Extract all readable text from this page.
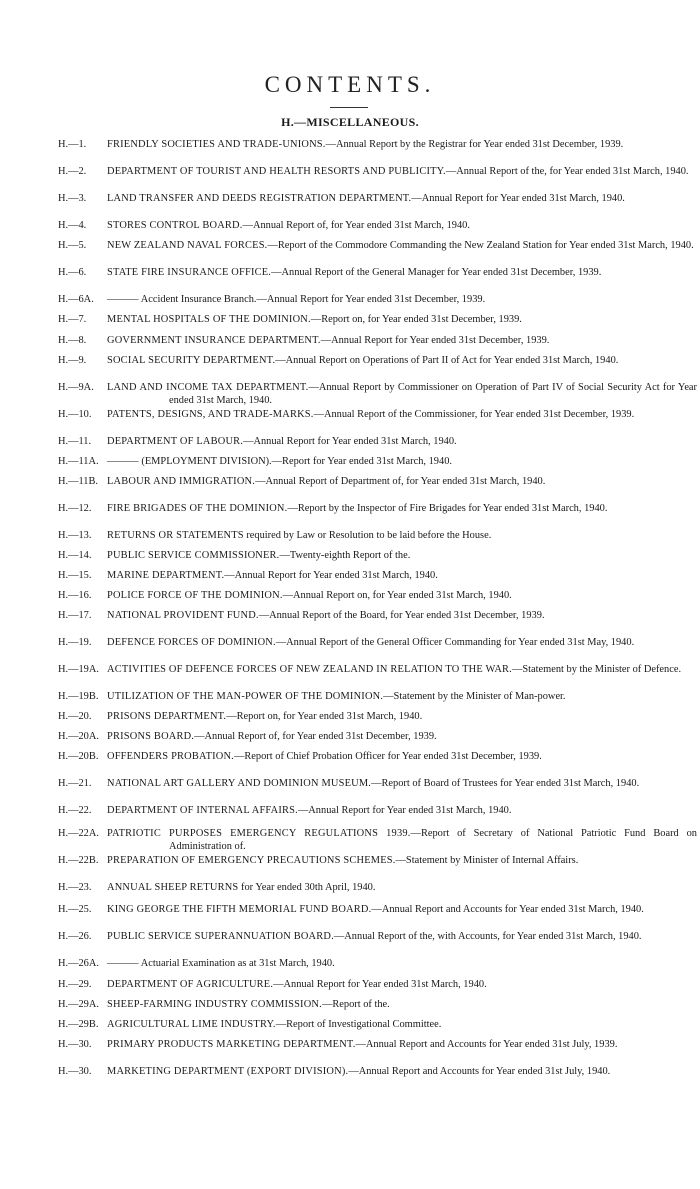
CONTENTS.
H.—MISCELLANEOUS.
H.—1.	FRIENDLY SOCIETIES AND TRADE-UNIONS.—Annual Report by the Registrar for Year ended 31st December, 1939.
H.—2.	DEPARTMENT OF TOURIST AND HEALTH RESORTS AND PUBLICITY.—Annual Report of the, for Year ended 31st March, 1940.
H.—3.	LAND TRANSFER AND DEEDS REGISTRATION DEPARTMENT.—Annual Report for Year ended 31st March, 1940.
H.—4.	STORES CONTROL BOARD.—Annual Report of, for Year ended 31st March, 1940.
H.—5.	NEW ZEALAND NAVAL FORCES.—Report of the Commodore Commanding the New Zealand Station for Year ended 31st March, 1940.
H.—6.	STATE FIRE INSURANCE OFFICE.—Annual Report of the General Manager for Year ended 31st December, 1939.
H.—6A.	——— Accident Insurance Branch.—Annual Report for Year ended 31st December, 1939.
H.—7.	MENTAL HOSPITALS OF THE DOMINION.—Report on, for Year ended 31st December, 1939.
H.—8.	GOVERNMENT INSURANCE DEPARTMENT.—Annual Report for Year ended 31st December, 1939.
H.—9.	SOCIAL SECURITY DEPARTMENT.—Annual Report on Operations of Part II of Act for Year ended 31st March, 1940.
H.—9A.	LAND AND INCOME TAX DEPARTMENT.—Annual Report by Commissioner on Operation of Part IV of Social Security Act for Year ended 31st March, 1940.
H.—10.	PATENTS, DESIGNS, AND TRADE-MARKS.—Annual Report of the Commissioner, for Year ended 31st December, 1939.
H.—11.	DEPARTMENT OF LABOUR.—Annual Report for Year ended 31st March, 1940.
H.—11A. ——— (EMPLOYMENT DIVISION).—Report for Year ended 31st March, 1940.
H.—11B. LABOUR AND IMMIGRATION.—Annual Report of Department of, for Year ended 31st March, 1940.
H.—12.	FIRE BRIGADES OF THE DOMINION.—Report by the Inspector of Fire Brigades for Year ended 31st March, 1940.
H.—13.	RETURNS OR STATEMENTS required by Law or Resolution to be laid before the House.
H.—14.	PUBLIC SERVICE COMMISSIONER.—Twenty-eighth Report of the.
H.—15.	MARINE DEPARTMENT.—Annual Report for Year ended 31st March, 1940.
H.—16.	POLICE FORCE OF THE DOMINION.—Annual Report on, for Year ended 31st March, 1940.
H.—17.	NATIONAL PROVIDENT FUND.—Annual Report of the Board, for Year ended 31st December, 1939.
H.—19.	DEFENCE FORCES OF DOMINION.—Annual Report of the General Officer Commanding for Year ended 31st May, 1940.
H.—19A. ACTIVITIES OF DEFENCE FORCES OF NEW ZEALAND IN RELATION TO THE WAR.—Statement by the Minister of Defence.
H.—19B. UTILIZATION OF THE MAN-POWER OF THE DOMINION.—Statement by the Minister of Man-power.
H.—20.	PRISONS DEPARTMENT.—Report on, for Year ended 31st March, 1940.
H.—20A. PRISONS BOARD.—Annual Report of, for Year ended 31st December, 1939.
H.—20B. OFFENDERS PROBATION.—Report of Chief Probation Officer for Year ended 31st December, 1939.
H.—21.	NATIONAL ART GALLERY AND DOMINION MUSEUM.—Report of Board of Trustees for Year ended 31st March, 1940.
H.—22.	DEPARTMENT OF INTERNAL AFFAIRS.—Annual Report for Year ended 31st March, 1940.
H.—22A. PATRIOTIC PURPOSES EMERGENCY REGULATIONS 1939.—Report of Secretary of National Patriotic Fund Board on Administration of.
H.—22B. PREPARATION OF EMERGENCY PRECAUTIONS SCHEMES.—Statement by Minister of Internal Affairs.
H.—23.	ANNUAL SHEEP RETURNS for Year ended 30th April, 1940.
H.—25.	KING GEORGE THE FIFTH MEMORIAL FUND BOARD.—Annual Report and Accounts for Year ended 31st March, 1940.
H.—26.	PUBLIC SERVICE SUPERANNUATION BOARD.—Annual Report of the, with Accounts, for Year ended 31st March, 1940.
H.—26A. ——— Actuarial Examination as at 31st March, 1940.
H.—29.	DEPARTMENT OF AGRICULTURE.—Annual Report for Year ended 31st March, 1940.
H.—29A. SHEEP-FARMING INDUSTRY COMMISSION.—Report of the.
H.—29B. AGRICULTURAL LIME INDUSTRY.—Report of Investigational Committee.
H.—30.	PRIMARY PRODUCTS MARKETING DEPARTMENT.—Annual Report and Accounts for Year ended 31st July, 1939.
H.—30.	MARKETING DEPARTMENT (EXPORT DIVISION).—Annual Report and Accounts for Year ended 31st July, 1940.
